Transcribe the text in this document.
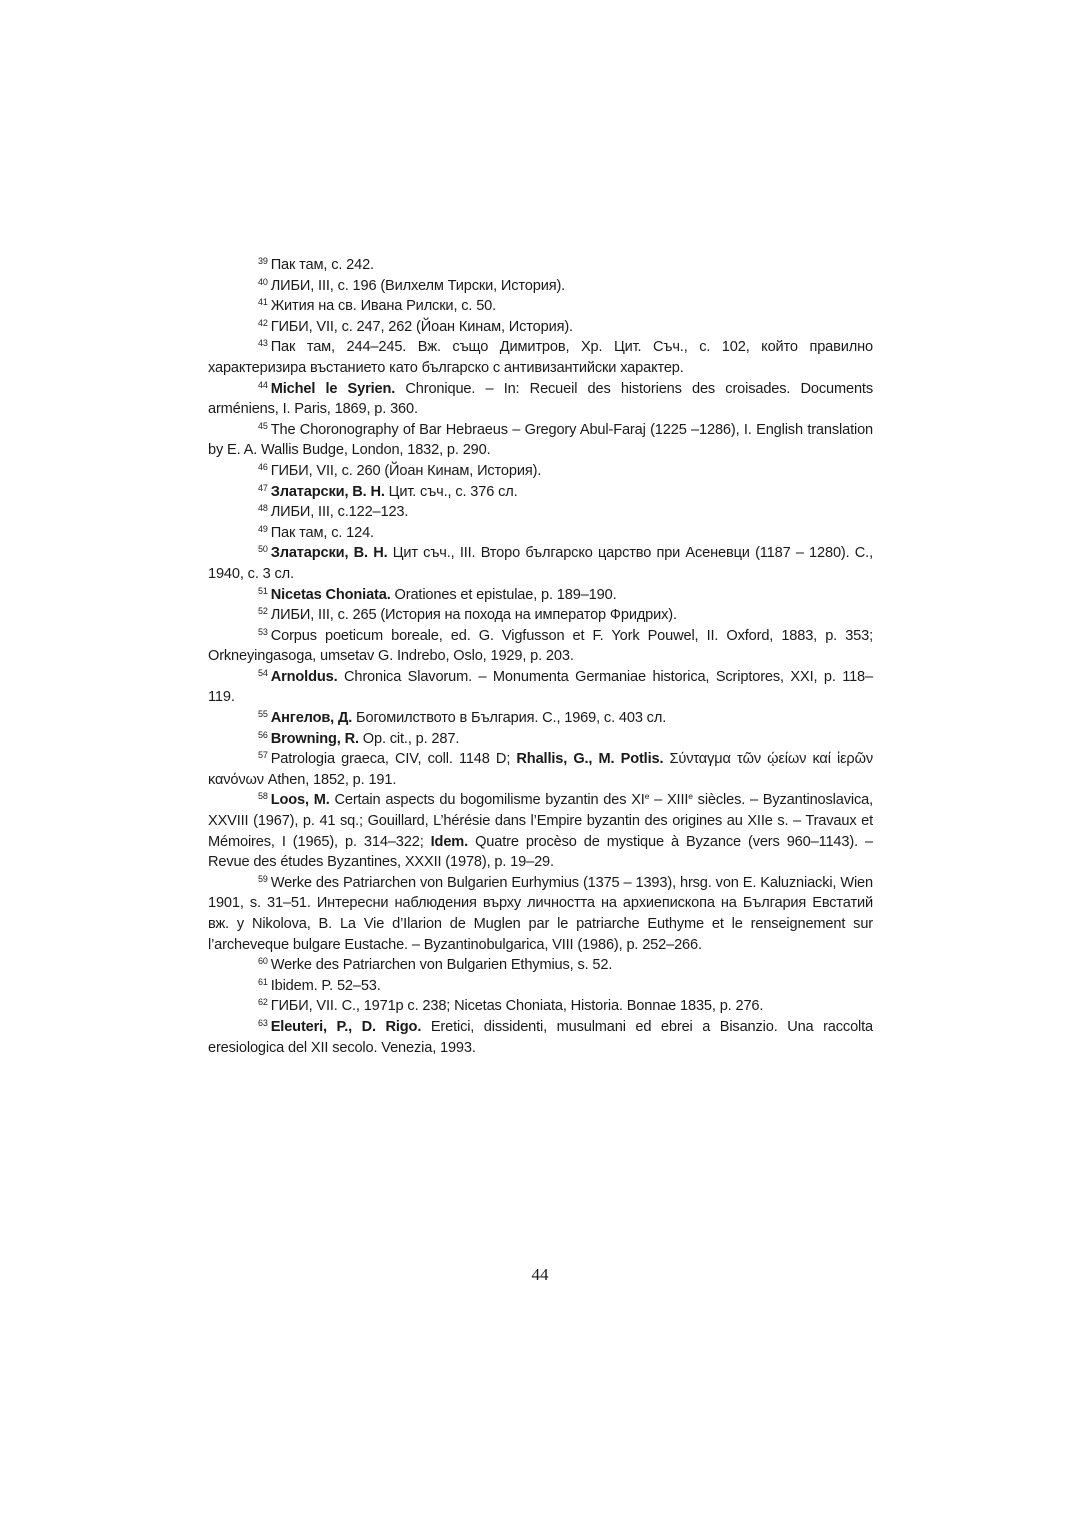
$^{39}$ Пак там, с. 242.

$^{40}$ ЛИБИ, III, с. 196 (Вилхелм Тирски, История).

$^{41}$ Жития на св. Ивана Рилски, с. 50.

$^{42}$ ГИБИ, VII, с. 247, 262 (Йоан Кинам, История).

$^{43}$ Пак там, 244–245. Вж. също Димитров, Хр. Цит. Съч., с. 102, който правилно характеризира въстанието като българско с антивизантийски характер.

$^{44}$ Michel le Syrien. Chronique. – In: Recueil des historiens des croisades. Documents arméniens, I. Paris, 1869, p. 360.

$^{45}$ The Choronography of Bar Hebraeus – Gregory Abul-Faraj (1225 –1286), I. English translation by E. A. Wallis Budge, London, 1832, p. 290.

$^{46}$ ГИБИ, VII, с. 260 (Йоан Кинам, История).

$^{47}$ Златарски, В. Н. Цит. съч., с. 376 сл.

$^{48}$ ЛИБИ, III, с.122–123.

$^{49}$ Пак там, с. 124.

$^{50}$ Златарски, В. Н. Цит съч., III. Второ българско царство при Асеневци (1187 – 1280). С., 1940, с. 3 сл.

$^{51}$ Nicetas Choniata. Orationes et epistulae, p. 189–190.

$^{52}$ ЛИБИ, III, с. 265 (История на похода на император Фридрих).

$^{53}$ Corpus poeticum boreale, ed. G. Vigfusson et F. York Pouwel, II. Oxford, 1883, p. 353; Orkneyingasoga, umsetav G. Indrebo, Oslo, 1929, p. 203.

$^{54}$ Arnoldus. Chronica Slavorum. – Monumenta Germaniae historica, Scriptores, XXI, p. 118–119.

$^{55}$ Ангелов, Д. Богомилството в България. С., 1969, с. 403 сл.

$^{56}$ Browning, R. Op. cit., p. 287.

$^{57}$ Patrologia graeca, CIV, coll. 1148 D; Rhallis, G., M. Potlis. Σύνταγμα τῶν ῴείων καί ἱερῶν κανόνων Athen, 1852, p. 191.

$^{58}$ Loos, M. Certain aspects du bogomilisme byzantin des XIe – XIIIe siècles. – Byzantinoslavica, XXVIII (1967), p. 41 sq.; Gouillard, L’hérésie dans l’Empire byzantin des origines au XIIe s. – Travaux et Mémoires, I (1965), p. 314–322; Idem. Quatre procèso de mystique à Byzance (vers 960–1143). – Revue des études Byzantines, XXXII (1978), p. 19–29.

$^{59}$ Werke des Patriarchen von Bulgarien Eurhymius (1375 – 1393), hrsg. von E. Kaluzniacki, Wien 1901, s. 31–51. Интересни наблюдения върху личността на архиепископа на България Евстатий вж. у Nikolova, B. La Vie d’Ilarion de Muglen par le patriarche Euthyme et le renseignement sur l’archeveque bulgare Eustache. – Byzantinobulgarica, VIII (1986), p. 252–266.

$^{60}$ Werke des Patriarchen von Bulgarien Ethymius, s. 52.

$^{61}$ Ibidem. P. 52–53.

$^{62}$ ГИБИ, VII. С., 1971р с. 238; Nicetas Choniata, Historia. Bonnae 1835, p. 276.

$^{63}$ Eleuteri, P., D. Rigo. Eretici, dissidenti, musulmani ed ebrei a Bisanzio. Una raccolta eresiologica del XII secolo. Venezia, 1993.

44
